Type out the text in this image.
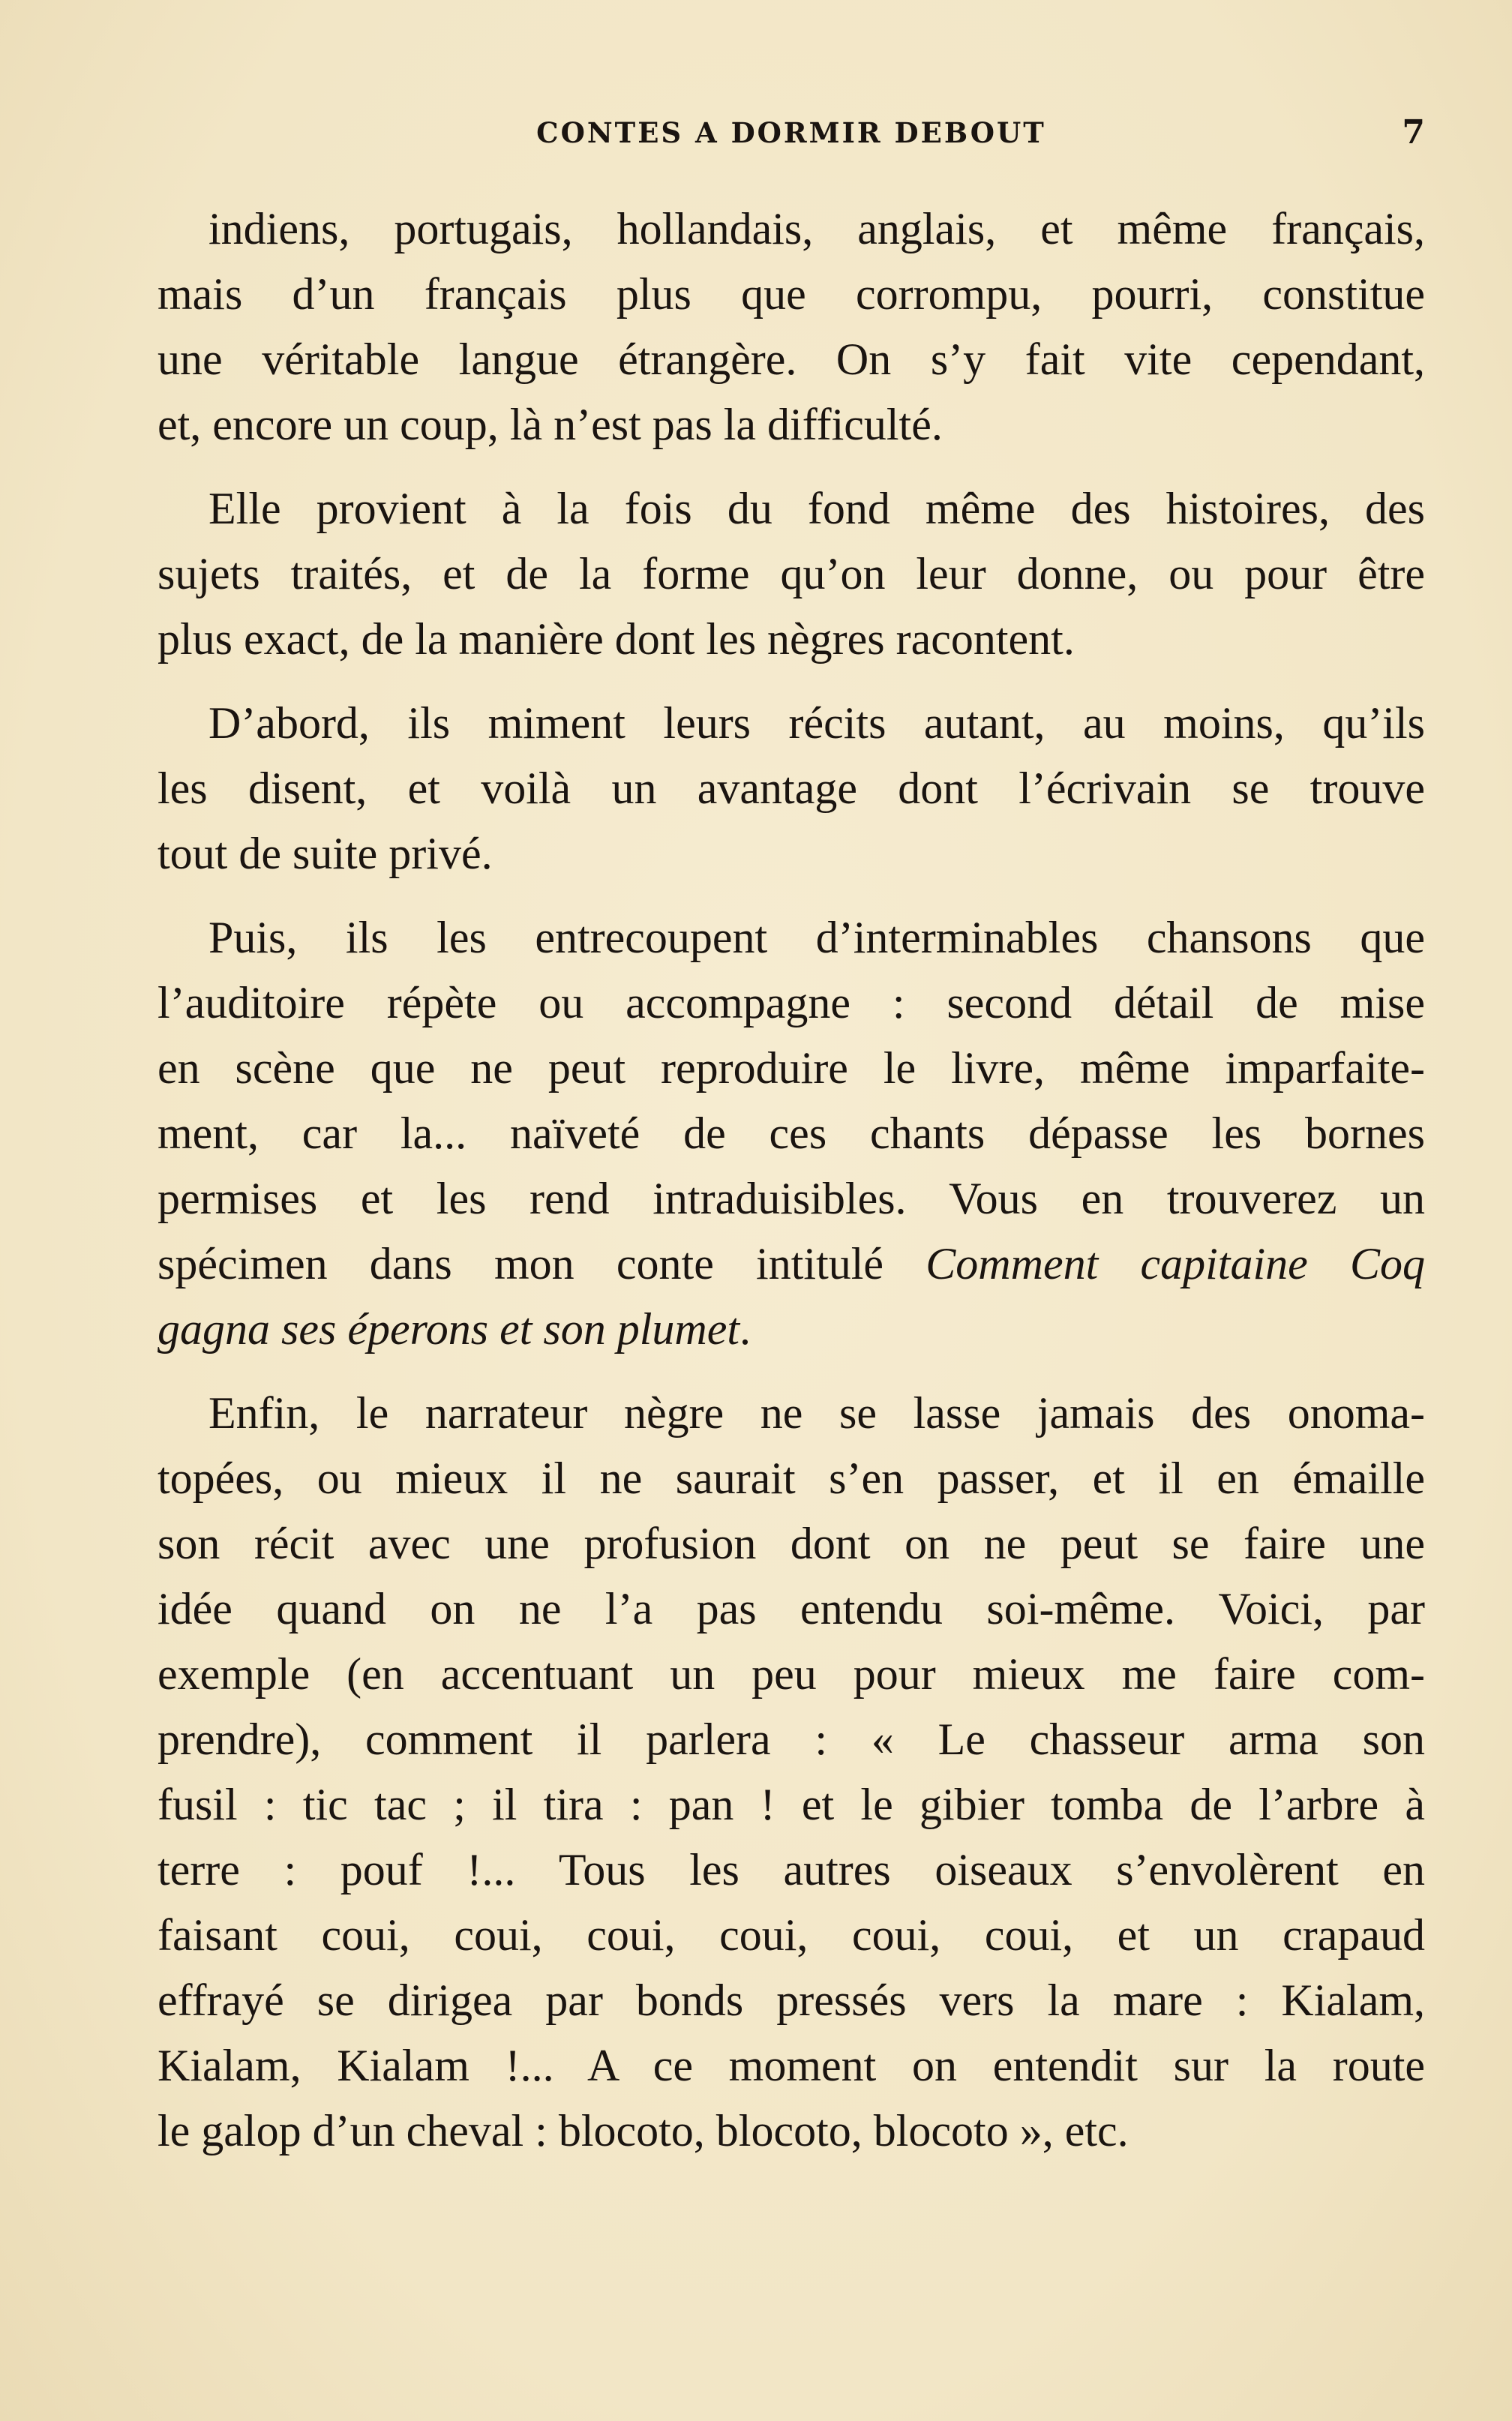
CONTES A DORMIR DEBOUT	7

indiens, portugais, hollandais, anglais, et même français,
mais d’un français plus que corrompu, pourri, constitue
une véritable langue étrangère. On s’y fait vite cependant,
et, encore un coup, là n’est pas la difficulté.

Elle provient à la fois du fond même des histoires, des
sujets traités, et de la forme qu’on leur donne, ou pour être
plus exact, de la manière dont les nègres racontent.

D’abord, ils miment leurs récits autant, au moins, qu’ils
les disent, et voilà un avantage dont l’écrivain se trouve
tout de suite privé.

Puis, ils les entrecoupent d’interminables chansons que
l’auditoire répète ou accompagne : second détail de mise
en scène que ne peut reproduire le livre, même imparfaite-
ment, car la... naïveté de ces chants dépasse les bornes
permises et les rend intraduisibles. Vous en trouverez un
spécimen dans mon conte intitulé Comment capitaine Coq
gagna ses éperons et son plumet.

Enfin, le narrateur nègre ne se lasse jamais des onoma-
topées, ou mieux il ne saurait s’en passer, et il en émaille
son récit avec une profusion dont on ne peut se faire une
idée quand on ne l’a pas entendu soi-même. Voici, par
exemple (en accentuant un peu pour mieux me faire com-
prendre), comment il parlera : « Le chasseur arma son
fusil : tic tac ; il tira : pan ! et le gibier tomba de l’arbre à
terre : pouf !... Tous les autres oiseaux s’envolèrent en
faisant coui, coui, coui, coui, coui, coui, et un crapaud
effrayé se dirigea par bonds pressés vers la mare : Kialam,
Kialam, Kialam !... A ce moment on entendit sur la route
le galop d’un cheval : blocoto, blocoto, blocoto », etc.
